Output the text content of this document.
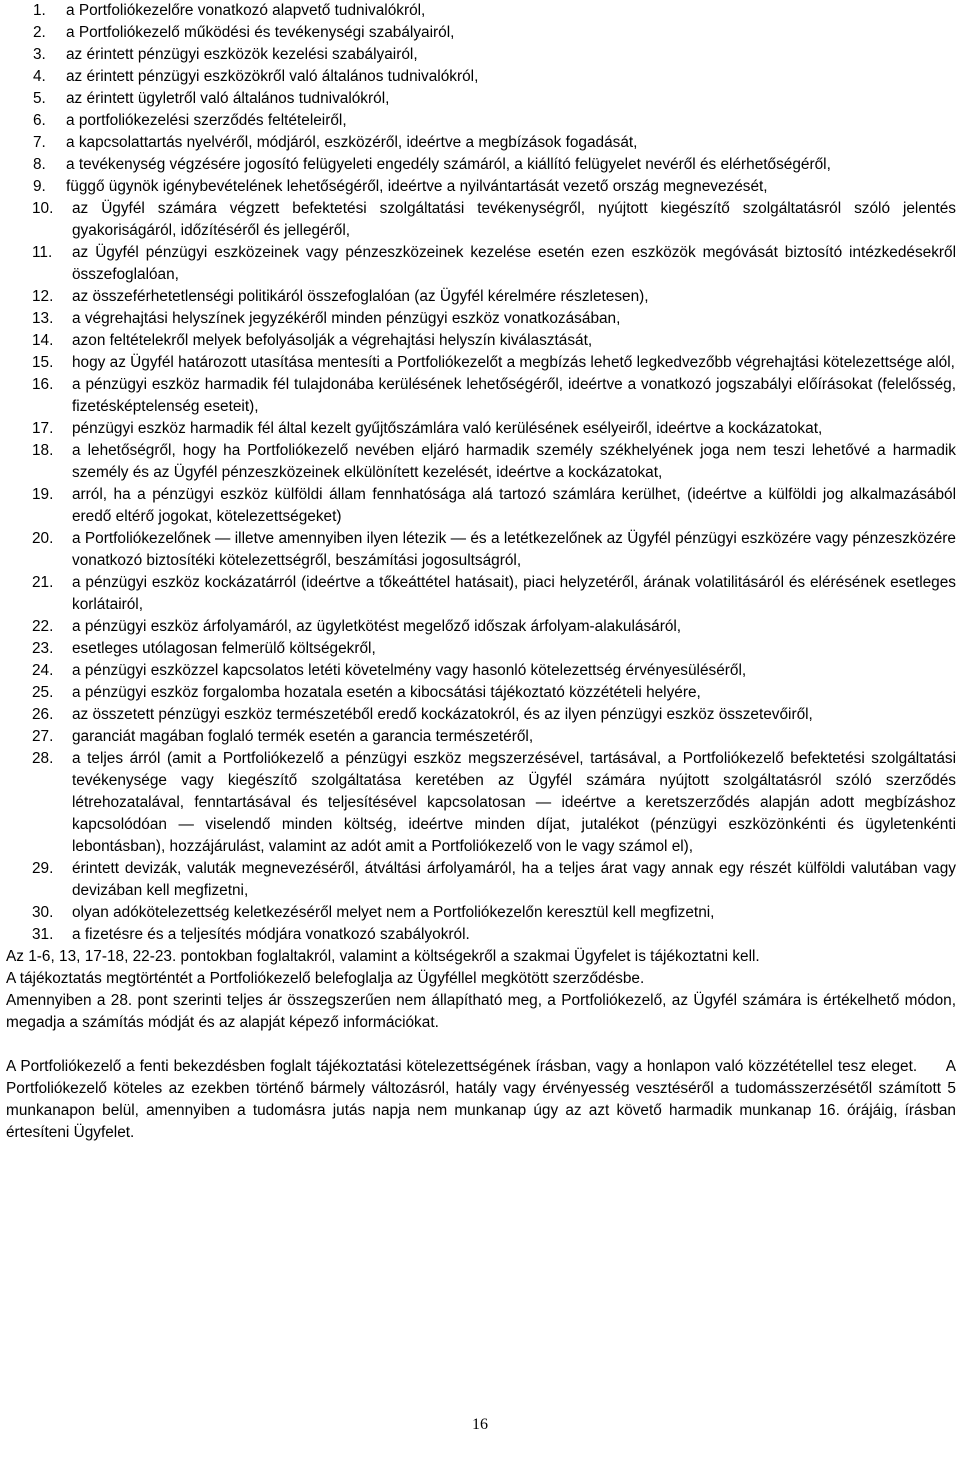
1.	a Portfoliókezelőre vonatkozó alapvető tudnivalókról,
2.	a Portfoliókezelő működési és tevékenységi szabályairól,
3.	az érintett pénzügyi eszközök kezelési szabályairól,
4.	az érintett pénzügyi eszközökről való általános tudnivalókról,
5.	az érintett ügyletről való általános tudnivalókról,
6.	a portfoliókezelési szerződés feltételeiről,
7.	a kapcsolattartás nyelvéről, módjáról, eszközéről, ideértve a megbízások fogadását,
8.	a tevékenység végzésére jogosító felügyeleti engedély számáról, a kiállító felügyelet nevéről és elérhetőségéről,
9.	függő ügynök igénybevételének lehetőségéről, ideértve a nyilvántartását vezető ország megnevezését,
10.	az Ügyfél számára végzett befektetési szolgáltatási tevékenységről, nyújtott kiegészítő szolgáltatásról szóló jelentés gyakoriságáról, időzítéséről és jellegéről,
11.	az Ügyfél pénzügyi eszközeinek vagy pénzeszközeinek kezelése esetén ezen eszközök megóvását biztosító intézkedésekről összefoglalóan,
12.	az összeférhetetlenségi politikáról összefoglalóan (az Ügyfél kérelmére részletesen),
13.	a végrehajtási helyszínek jegyzékéről minden pénzügyi eszköz vonatkozásában,
14.	azon feltételekről melyek befolyásolják a végrehajtási helyszín kiválasztását,
15.	hogy az Ügyfél határozott utasítása mentesíti a Portfoliókezelőt a megbízás lehető legkedvezőbb végrehajtási kötelezettsége alól,
16.	a pénzügyi eszköz harmadik fél tulajdonába kerülésének lehetőségéről, ideértve a vonatkozó jogszabályi előírásokat (felelősség, fizetésképtelenség eseteit),
17.	pénzügyi eszköz harmadik fél által kezelt gyűjtőszámlára való kerülésének esélyeiről, ideértve a kockázatokat,
18.	a lehetőségről, hogy ha Portfoliókezelő nevében eljáró harmadik személy székhelyének joga nem teszi lehetővé a harmadik személy és az Ügyfél pénzeszközeinek elkülönített kezelését, ideértve a kockázatokat,
19.	arról, ha a pénzügyi eszköz külföldi állam fennhatósága alá tartozó számlára kerülhet, (ideértve a külföldi jog alkalmazásából eredő eltérő jogokat, kötelezettségeket)
20.	a Portfoliókezelőnek — illetve amennyiben ilyen létezik — és a letétkezelőnek az Ügyfél pénzügyi eszközére vagy pénzeszközére vonatkozó biztosítéki kötelezettségről, beszámítási jogosultságról,
21.	a pénzügyi eszköz kockázatárról (ideértve a tőkeáttétel hatásait), piaci helyzetéről, árának volatilitásáról és elérésének esetleges korlátairól,
22.	a pénzügyi eszköz árfolyamáról, az ügyletkötést megelőző időszak árfolyam-alakulásáról,
23.	esetleges utólagosan felmerülő költségekről,
24.	a pénzügyi eszközzel kapcsolatos letéti követelmény vagy hasonló kötelezettség érvényesüléséről,
25.	a pénzügyi eszköz forgalomba hozatala esetén a kibocsátási tájékoztató közzétételi helyére,
26.	az összetett pénzügyi eszköz természetéből eredő kockázatokról, és az ilyen pénzügyi eszköz összetevőiről,
27.	garanciát magában foglaló termék esetén a garancia természetéről,
28.	a teljes árról (amit a Portfoliókezelő a pénzügyi eszköz megszerzésével, tartásával, a Portfoliókezelő befektetési szolgáltatási tevékenysége vagy kiegészítő szolgáltatása keretében az Ügyfél számára nyújtott szolgáltatásról szóló szerződés létrehozatalával, fenntartásával és teljesítésével kapcsolatosan — ideértve a keretszerződés alapján adott megbízáshoz kapcsolódóan — viselendő minden költség, ideértve minden díjat, jutalékot (pénzügyi eszközönkénti és ügyletenkénti lebontásban), hozzájárulást, valamint az adót amit a Portfoliókezelő von le vagy számol el),
29.	érintett devizák, valuták megnevezéséről, átváltási árfolyamáról, ha a teljes árat vagy annak egy részét külföldi valutában vagy devizában kell megfizetni,
30.	olyan adókötelezettség keletkezéséről melyet nem a Portfoliókezelőn keresztül kell megfizetni,
31.	a fizetésre és a teljesítés módjára vonatkozó szabályokról.

Az 1-6, 13, 17-18, 22-23. pontokban foglaltakról, valamint a költségekről a szakmai Ügyfelet is tájékoztatni kell.

A tájékoztatás megtörténtét a Portfoliókezelő belefoglalja az Ügyféllel megkötött szerződésbe.

Amennyiben a 28. pont szerinti teljes ár összegszerűen nem állapítható meg, a Portfoliókezelő, az Ügyfél számára is értékelhető módon, megadja a számítás módját és az alapját képező információkat.

A Portfoliókezelő a fenti bekezdésben foglalt tájékoztatási kötelezettségének írásban, vagy a honlapon való közzététellel tesz eleget.      A Portfoliókezelő köteles az ezekben történő bármely változásról, hatály vagy érvényesség vesztéséről a tudomásszerzésétől számított 5 munkanapon belül, amennyiben a tudomásra jutás napja nem munkanap úgy az azt követő harmadik munkanap 16. órájáig, írásban értesíteni Ügyfelet.

16
